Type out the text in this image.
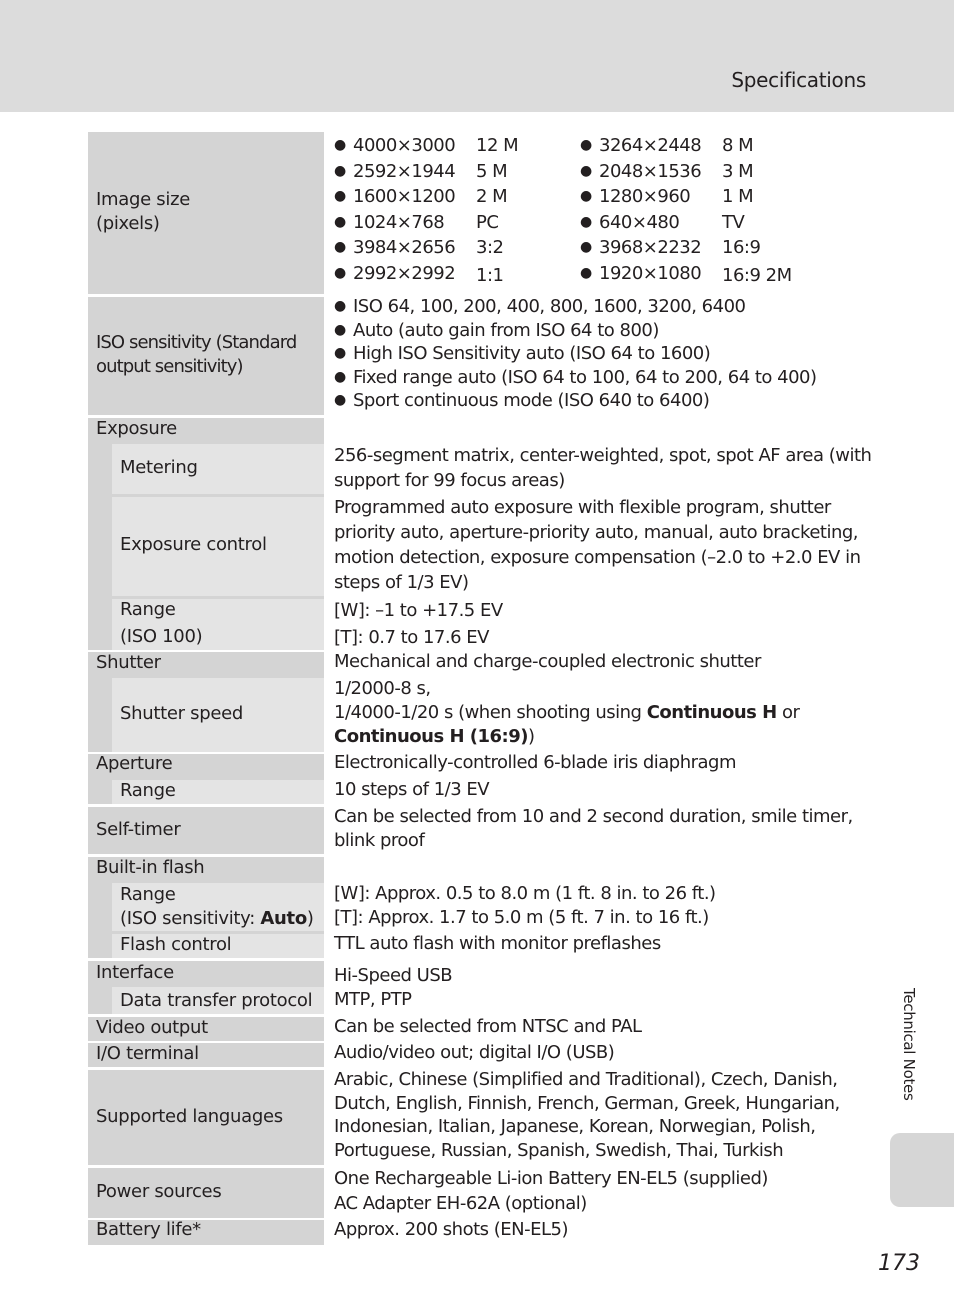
Specifications
Image size
(pixels)
ISO sensitivity (Standard
output sensitivity)
Exposure
Metering
Exposure control
Range
(ISO 100)
Shutter
Shutter speed
Aperture
Range
Self-timer
Built-in flash
Range
(ISO sensitivity: Auto)
Flash control
Interface
Data transfer protocol
Video output
I/O terminal
Supported languages
Power sources
Battery life*
● 4000×3000
● 2592×1944
● 1600×1200
● 1024×768
● 3984×2656
● 2992×2992
12 M
5 M
2 M
PC
3:2
1:1
● 3264×2448
● 2048×1536
● 1280×960
● 640×480
● 3968×2232
● 1920×1080
8 M
3 M
1 M
TV
16:9
16:9 2M
● ISO 64, 100, 200, 400, 800, 1600, 3200, 6400
● Auto (auto gain from ISO 64 to 800)
● High ISO Sensitivity auto (ISO 64 to 1600)
● Fixed range auto (ISO 64 to 100, 64 to 200, 64 to 400)
● Sport continuous mode (ISO 640 to 6400)
256-segment matrix, center-weighted, spot, spot AF area (with
support for 99 focus areas)
Programmed auto exposure with flexible program, shutter
priority auto, aperture-priority auto, manual, auto bracketing,
motion detection, exposure compensation (–2.0 to +2.0 EV in
steps of 1/3 EV)
[W]: –1 to +17.5 EV
[T]: 0.7 to 17.6 EV
Mechanical and charge-coupled electronic shutter
1/2000-8 s,
1/4000-1/20 s (when shooting using Continuous H or
Continuous H (16:9))
Electronically-controlled 6-blade iris diaphragm
10 steps of 1/3 EV
Can be selected from 10 and 2 second duration, smile timer,
blink proof
[W]: Approx. 0.5 to 8.0 m (1 ft. 8 in. to 26 ft.)
[T]: Approx. 1.7 to 5.0 m (5 ft. 7 in. to 16 ft.)
TTL auto flash with monitor preflashes
Hi-Speed USB
MTP, PTP
Can be selected from NTSC and PAL
Audio/video out; digital I/O (USB)
Arabic, Chinese (Simplified and Traditional), Czech, Danish,
Dutch, English, Finnish, French, German, Greek, Hungarian,
Indonesian, Italian, Japanese, Korean, Norwegian, Polish,
Portuguese, Russian, Spanish, Swedish, Thai, Turkish
One Rechargeable Li-ion Battery EN-EL5 (supplied)
AC Adapter EH-62A (optional)
Approx. 200 shots (EN-EL5)
Technical Notes
173
